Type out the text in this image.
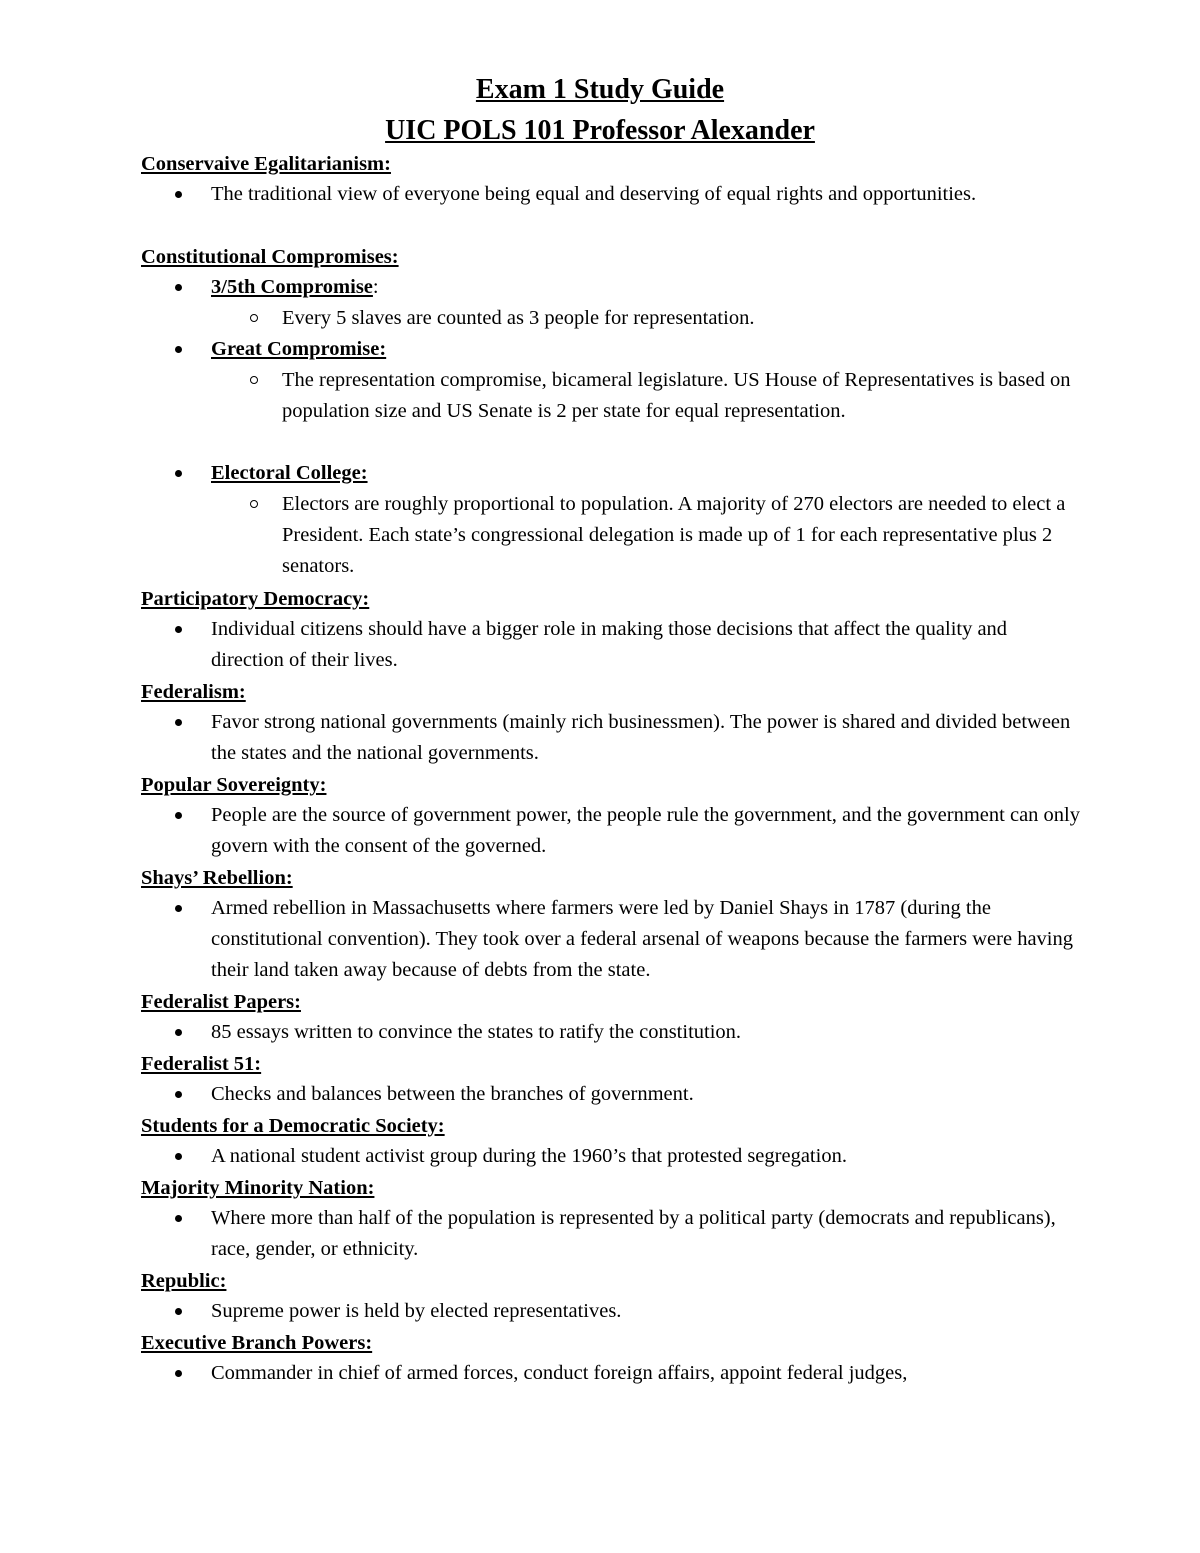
Exam 1 Study Guide
UIC POLS 101 Professor Alexander
Conservaive Egalitarianism:
The traditional view of everyone being equal and deserving of equal rights and opportunities.
Constitutional Compromises:
3/5th Compromise:
Every 5 slaves are counted as 3 people for representation.
Great Compromise:
The representation compromise, bicameral legislature. US House of Representatives is based on population size and US Senate is 2 per state for equal representation.
Electoral College:
Electors are roughly proportional to population. A majority of 270 electors are needed to elect a President. Each state’s congressional delegation is made up of 1 for each representative plus 2 senators.
Participatory Democracy:
Individual citizens should have a bigger role in making those decisions that affect the quality and direction of their lives.
Federalism:
Favor strong national governments (mainly rich businessmen). The power is shared and divided between the states and the national governments.
Popular Sovereignty:
People are the source of government power, the people rule the government, and the government can only govern with the consent of the governed.
Shays’ Rebellion:
Armed rebellion in Massachusetts where farmers were led by Daniel Shays in 1787 (during the constitutional convention). They took over a federal arsenal of weapons because the farmers were having their land taken away because of debts from the state.
Federalist Papers:
85 essays written to convince the states to ratify the constitution.
Federalist 51:
Checks and balances between the branches of government.
Students for a Democratic Society:
A national student activist group during the 1960’s that protested segregation.
Majority Minority Nation:
Where more than half of the population is represented by a political party (democrats and republicans), race, gender, or ethnicity.
Republic:
Supreme power is held by elected representatives.
Executive Branch Powers:
Commander in chief of armed forces, conduct foreign affairs, appoint federal judges,
